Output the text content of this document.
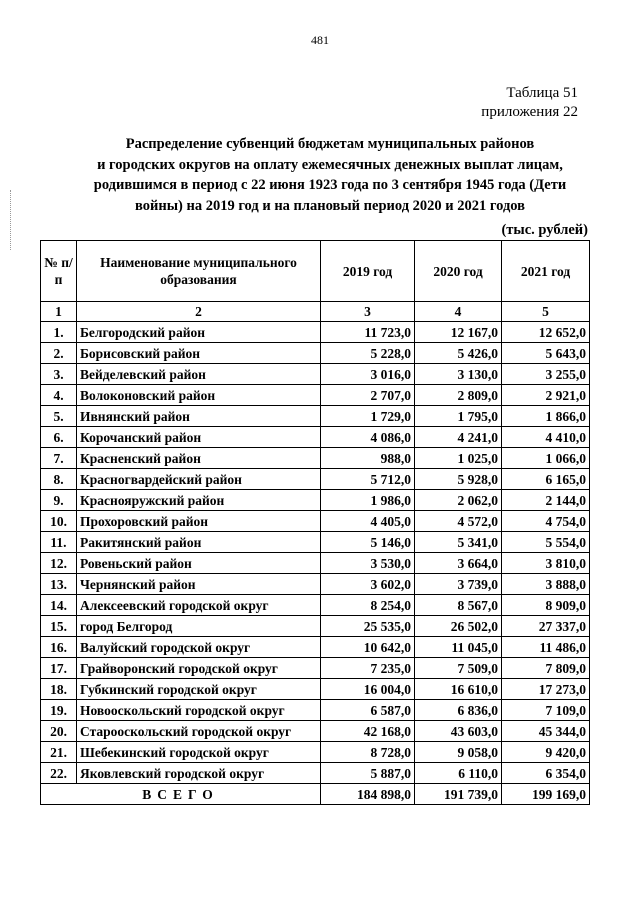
481
Таблица 51
приложения 22
Распределение субвенций бюджетам муниципальных районов
и городских округов на оплату ежемесячных денежных выплат лицам,
родившимся в период с 22 июня 1923 года по 3 сентября 1945 года (Дети
войны) на 2019 год и на плановый период 2020 и 2021 годов
(тыс. рублей)
№ п/п	Наименование муниципального образования	2019 год	2020 год	2021 год
1	2	3	4	5
1.	Белгородский район	11 723,0	12 167,0	12 652,0
2.	Борисовский район	5 228,0	5 426,0	5 643,0
3.	Вейделевский район	3 016,0	3 130,0	3 255,0
4.	Волоконовский район	2 707,0	2 809,0	2 921,0
5.	Ивнянский район	1 729,0	1 795,0	1 866,0
6.	Корочанский район	4 086,0	4 241,0	4 410,0
7.	Красненский район	988,0	1 025,0	1 066,0
8.	Красногвардейский район	5 712,0	5 928,0	6 165,0
9.	Краснояружский район	1 986,0	2 062,0	2 144,0
10.	Прохоровский район	4 405,0	4 572,0	4 754,0
11.	Ракитянский район	5 146,0	5 341,0	5 554,0
12.	Ровеньский район	3 530,0	3 664,0	3 810,0
13.	Чернянский район	3 602,0	3 739,0	3 888,0
14.	Алексеевский городской округ	8 254,0	8 567,0	8 909,0
15.	город Белгород	25 535,0	26 502,0	27 337,0
16.	Валуйский городской округ	10 642,0	11 045,0	11 486,0
17.	Грайворонский городской округ	7 235,0	7 509,0	7 809,0
18.	Губкинский городской округ	16 004,0	16 610,0	17 273,0
19.	Новооскольский городской округ	6 587,0	6 836,0	7 109,0
20.	Старооскольский городской округ	42 168,0	43 603,0	45 344,0
21.	Шебекинский городской округ	8 728,0	9 058,0	9 420,0
22.	Яковлевский городской округ	5 887,0	6 110,0	6 354,0
ВСЕГО		184 898,0	191 739,0	199 169,0
